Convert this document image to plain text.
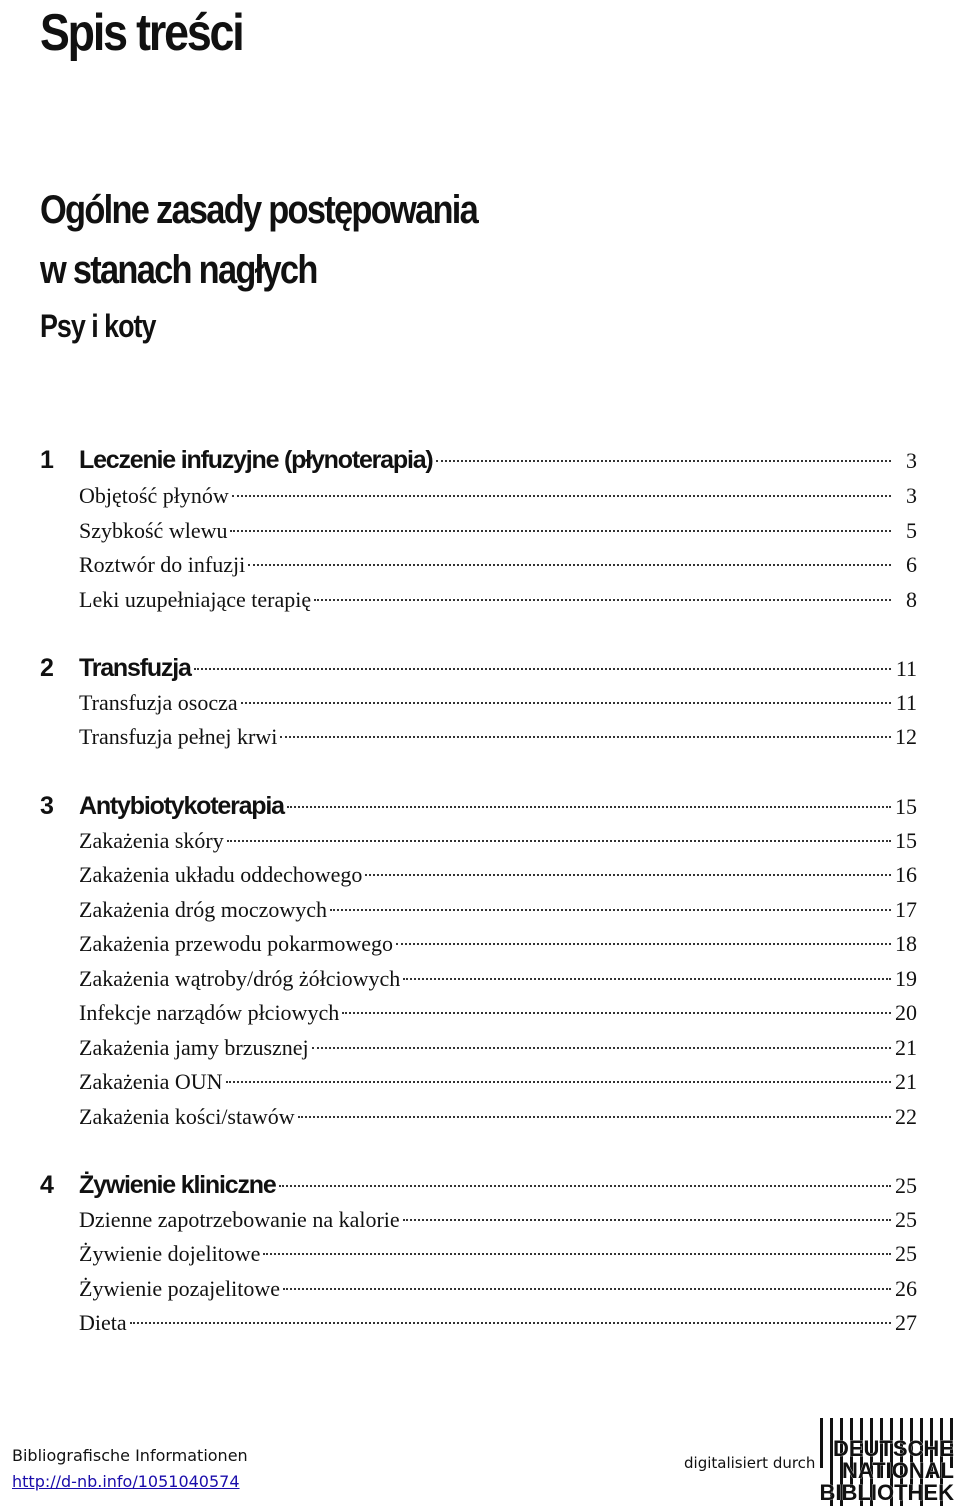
Spis treści
Ogólne zasady postępowania
w stanach nagłych
Psy i koty
1	Leczenie infuzyjne (płynoterapia)	3
Objętość płynów	3
Szybkość wlewu	5
Roztwór do infuzji	6
Leki uzupełniające terapię	8
2	Transfuzja	11
Transfuzja osocza	11
Transfuzja pełnej krwi	12
3	Antybiotykoterapia	15
Zakażenia skóry	15
Zakażenia układu oddechowego	16
Zakażenia dróg moczowych	17
Zakażenia przewodu pokarmowego	18
Zakażenia wątroby/dróg żółciowych	19
Infekcje narządów płciowych	20
Zakażenia jamy brzusznej	21
Zakażenia OUN	21
Zakażenia kości/stawów	22
4	Żywienie kliniczne	25
Dzienne zapotrzebowanie na kalorie	25
Żywienie dojelitowe	25
Żywienie pozajelitowe	26
Dieta	27
Bibliografische Informationen
http://d-nb.info/1051040574
digitalisiert durch
DEUTSCHE
NATIONAL
BIBLIOTHEK
